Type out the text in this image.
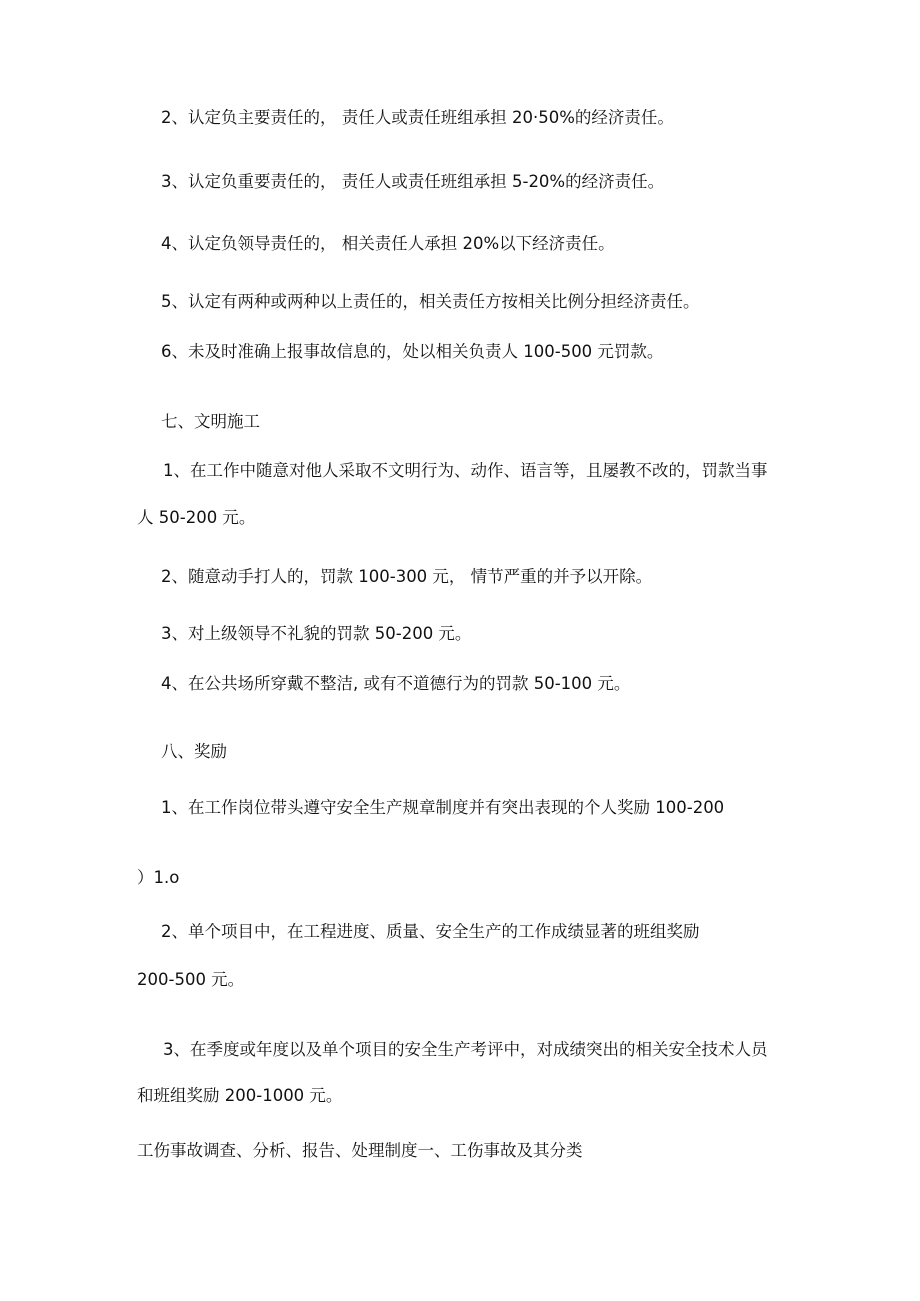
2、认定负主要责任的， 责任人或责任班组承担 20·50%的经济责任。
3、认定负重要责任的， 责任人或责任班组承担 5-20%的经济责任。
4、认定负领导责任的， 相关责任人承担 20%以下经济责任。
5、认定有两种或两种以上责任的，相关责任方按相关比例分担经济责任。
6、未及时准确上报事故信息的，处以相关负责人 100-500 元罚款。
七、文明施工
1、在工作中随意对他人采取不文明行为、动作、语言等，且屡教不改的，罚款当事
人 50-200 元。
2、随意动手打人的，罚款 100-300 元， 情节严重的并予以开除。
3、对上级领导不礼貌的罚款 50-200 元。
4、在公共场所穿戴不整洁, 或有不道德行为的罚款 50-100 元。
八、奖励
1、在工作岗位带头遵守安全生产规章制度并有突出表现的个人奖励 100-200
）1.o
2、单个项目中，在工程进度、质量、安全生产的工作成绩显著的班组奖励
200-500 元。
3、在季度或年度以及单个项目的安全生产考评中，对成绩突出的相关安全技术人员
和班组奖励 200-1000 元。
工伤事故调查、分析、报告、处理制度一、工伤事故及其分类
